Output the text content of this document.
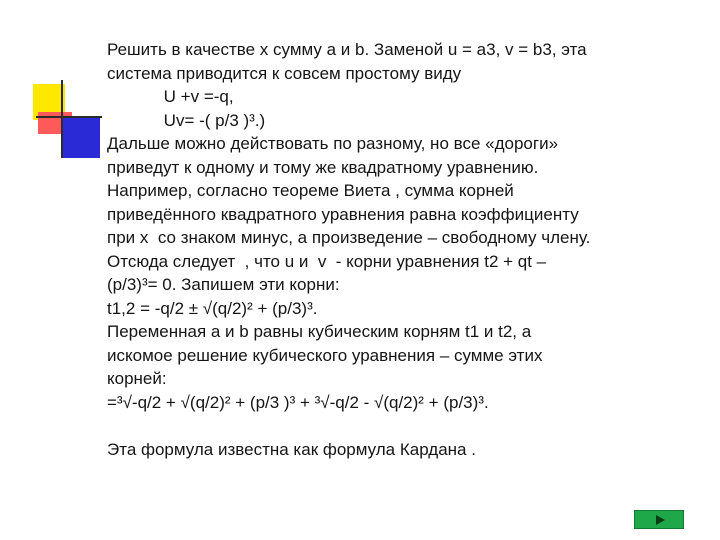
Решить в качестве x сумму a и b. Заменой u = a3, v = b3, эта
система приводится к совсем простому виду
U +v =-q,
Uv= -( p/3 )³.)
Дальше можно действовать по разному, но все «дороги»
приведут к одному и тому же квадратному уравнению.
Например, согласно теореме Виета , сумма корней
приведённого квадратного уравнения равна коэффициенту
при x  со знаком минус, а произведение – свободному члену.
Отсюда следует  , что u и  v  - корни уравнения t2 + qt –
(p/3)³= 0. Запишем эти корни:
t1,2 = -q/2 ± √(q/2)² + (p/3)³.
Переменная a и b равны кубическим корням t1 и t2, а
искомое решение кубического уравнения – сумме этих
корней:
=³√-q/2 + √(q/2)² + (p/3 )³ + ³√-q/2 - √(q/2)² + (p/3)³.
Эта формула известна как формула Кардана .
